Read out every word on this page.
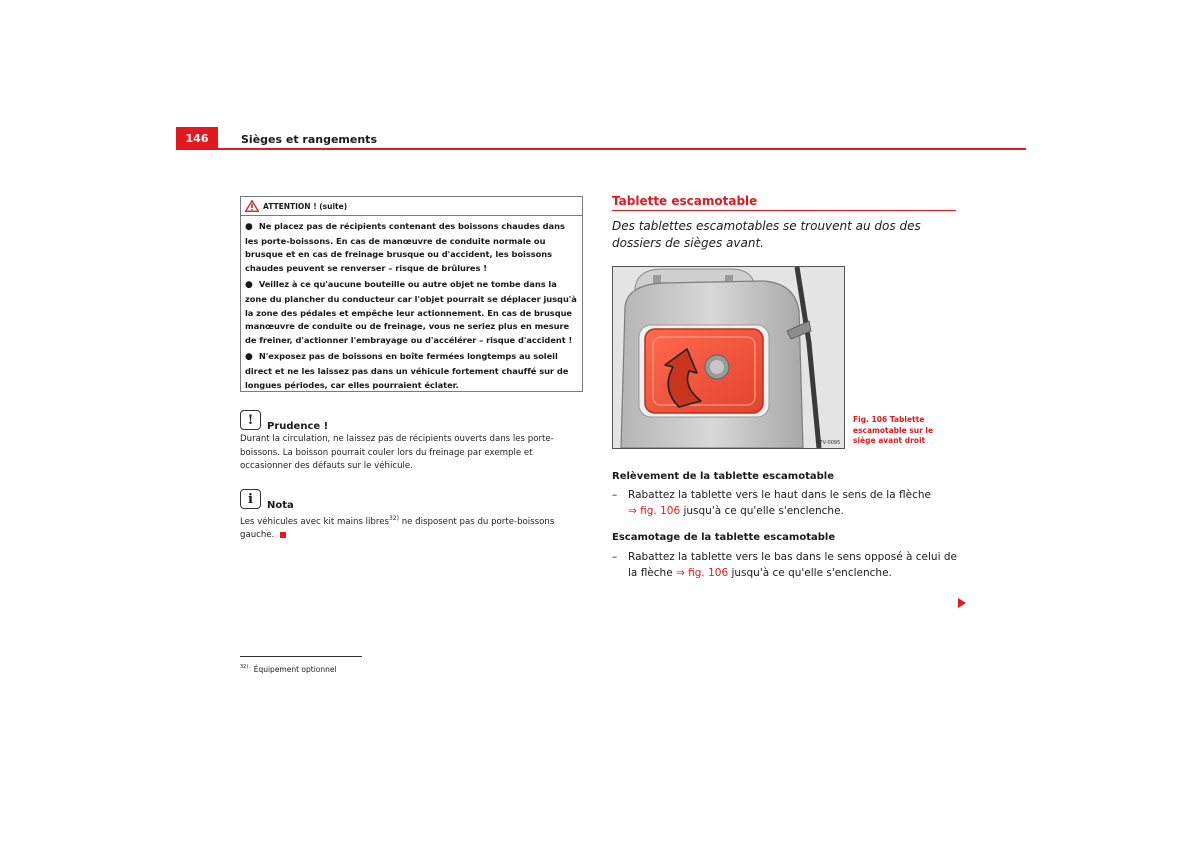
146	Sièges et rangements
ATTENTION ! (suite)
● Ne placez pas de récipients contenant des boissons chaudes dans les porte-boissons. En cas de manœuvre de conduite normale ou brusque et en cas de freinage brusque ou d'accident, les boissons chaudes peuvent se renverser – risque de brûlures !
● Veillez à ce qu'aucune bouteille ou autre objet ne tombe dans la zone du plancher du conducteur car l'objet pourrait se déplacer jusqu'à la zone des pédales et empêche leur actionnement. En cas de brusque manœuvre de conduite ou de freinage, vous ne seriez plus en mesure de freiner, d'actionner l'embrayage ou d'accélérer – risque d'accident !
● N'exposez pas de boissons en boîte fermées longtemps au soleil direct et ne les laissez pas dans un véhicule fortement chauffé sur de longues périodes, car elles pourraient éclater.
!	Prudence !
Durant la circulation, ne laissez pas de récipients ouverts dans les porte-boissons. La boisson pourrait couler lors du freinage par exemple et occasionner des défauts sur le véhicule.
i	Nota
Les véhicules avec kit mains libres$^{32)}$ ne disposent pas du porte-boissons gauche.
$^{32)}$ Équipement optionnel
Tablette escamotable
Des tablettes escamotables se trouvent au dos des dossiers de sièges avant.
B7V-0095
Fig. 106 Tablette escamotable sur le siège avant droit
Relèvement de la tablette escamotable
–	Rabattez la tablette vers le haut dans le sens de la flèche
⇒ fig. 106 jusqu'à ce qu'elle s'enclenche.
Escamotage de la tablette escamotable
–	Rabattez la tablette vers le bas dans le sens opposé à celui de la flèche ⇒ fig. 106 jusqu'à ce qu'elle s'enclenche.
